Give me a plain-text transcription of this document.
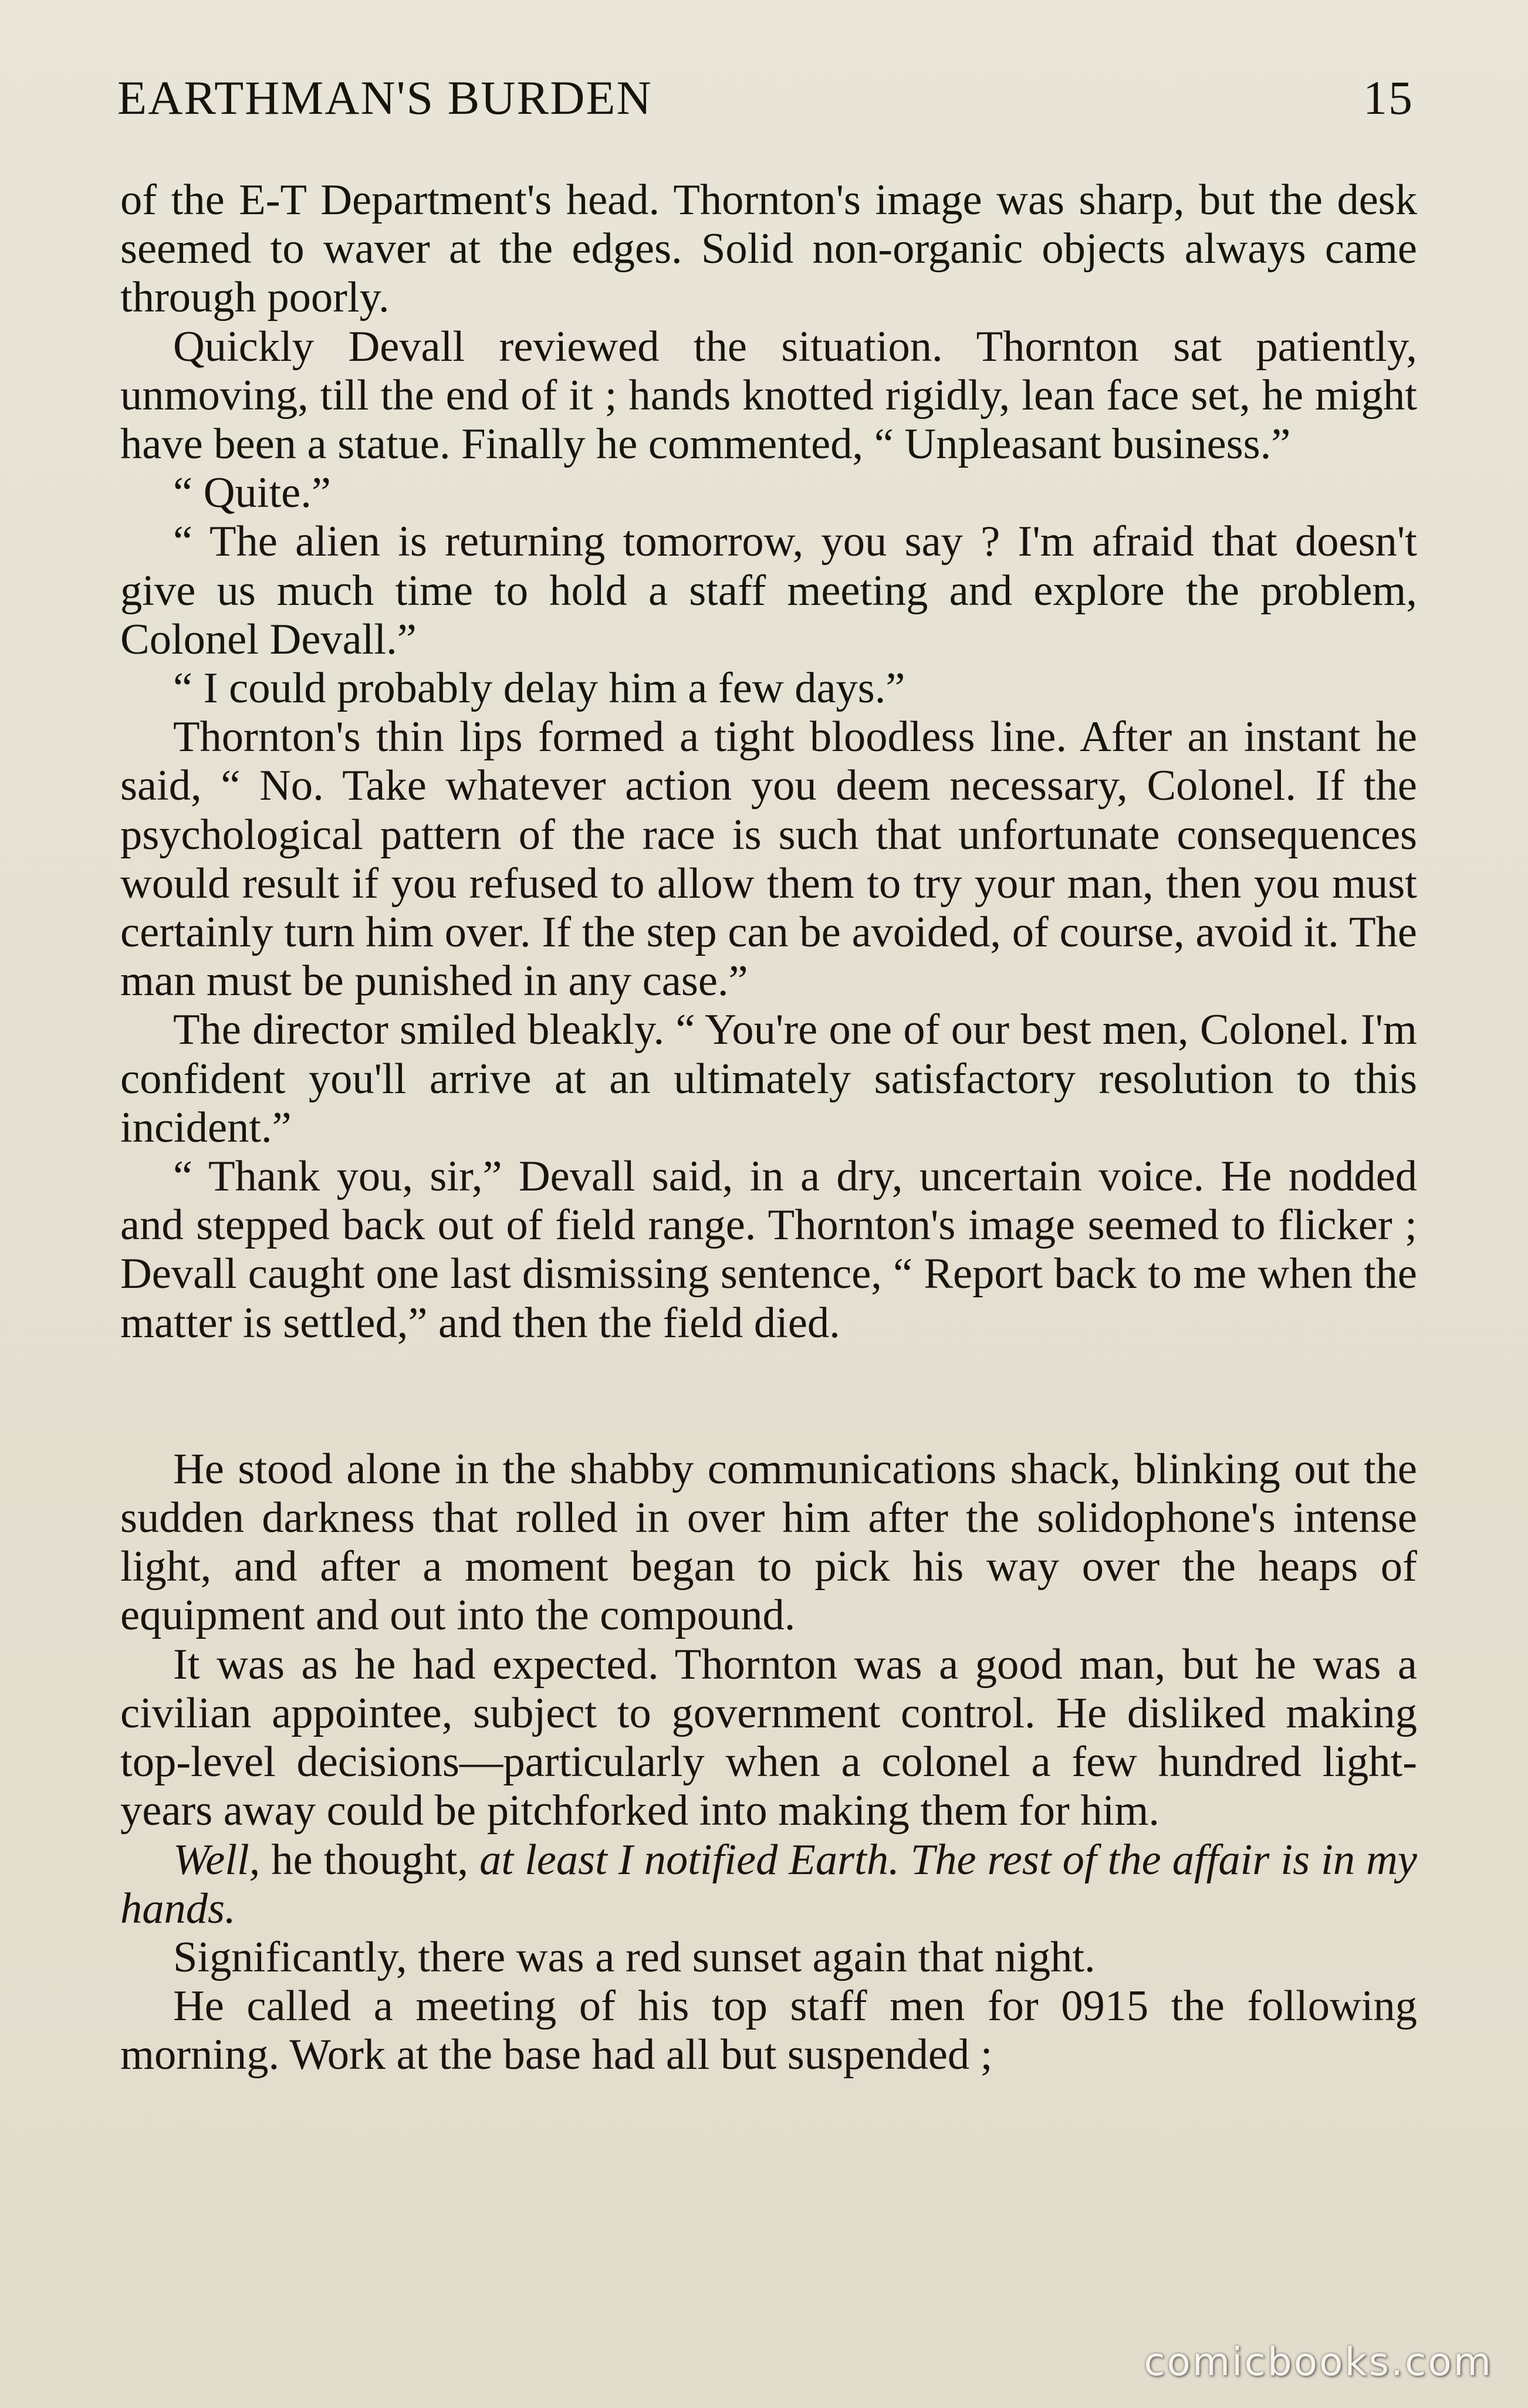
EARTHMAN'S BURDEN	15

of the E-T Department's head. Thornton's image was sharp, but the desk seemed to waver at the edges. Solid non-organic objects always came through poorly.

Quickly Devall reviewed the situation. Thornton sat patiently, unmoving, till the end of it ; hands knotted rigidly, lean face set, he might have been a statue. Finally he commented, “ Unpleasant business.”

“ Quite.”

“ The alien is returning tomorrow, you say ? I'm afraid that doesn't give us much time to hold a staff meeting and explore the problem, Colonel Devall.”

“ I could probably delay him a few days.”

Thornton's thin lips formed a tight bloodless line. After an instant he said, “ No. Take whatever action you deem necessary, Colonel. If the psychological pattern of the race is such that unfortunate consequences would result if you refused to allow them to try your man, then you must certainly turn him over. If the step can be avoided, of course, avoid it. The man must be punished in any case.”

The director smiled bleakly. “ You're one of our best men, Colonel. I'm confident you'll arrive at an ultimately satisfactory resolution to this incident.”

“ Thank you, sir,” Devall said, in a dry, uncertain voice. He nodded and stepped back out of field range. Thornton's image seemed to flicker ; Devall caught one last dismissing sentence, “ Report back to me when the matter is settled,” and then the field died.

He stood alone in the shabby communications shack, blinking out the sudden darkness that rolled in over him after the solidophone's intense light, and after a moment began to pick his way over the heaps of equipment and out into the compound.

It was as he had expected. Thornton was a good man, but he was a civilian appointee, subject to government control. He disliked making top-level decisions—particularly when a colonel a few hundred light-years away could be pitchforked into making them for him.

Well, he thought, at least I notified Earth. The rest of the affair is in my hands.

Significantly, there was a red sunset again that night.

He called a meeting of his top staff men for 0915 the following morning. Work at the base had all but suspended ;

comicbooks.com
